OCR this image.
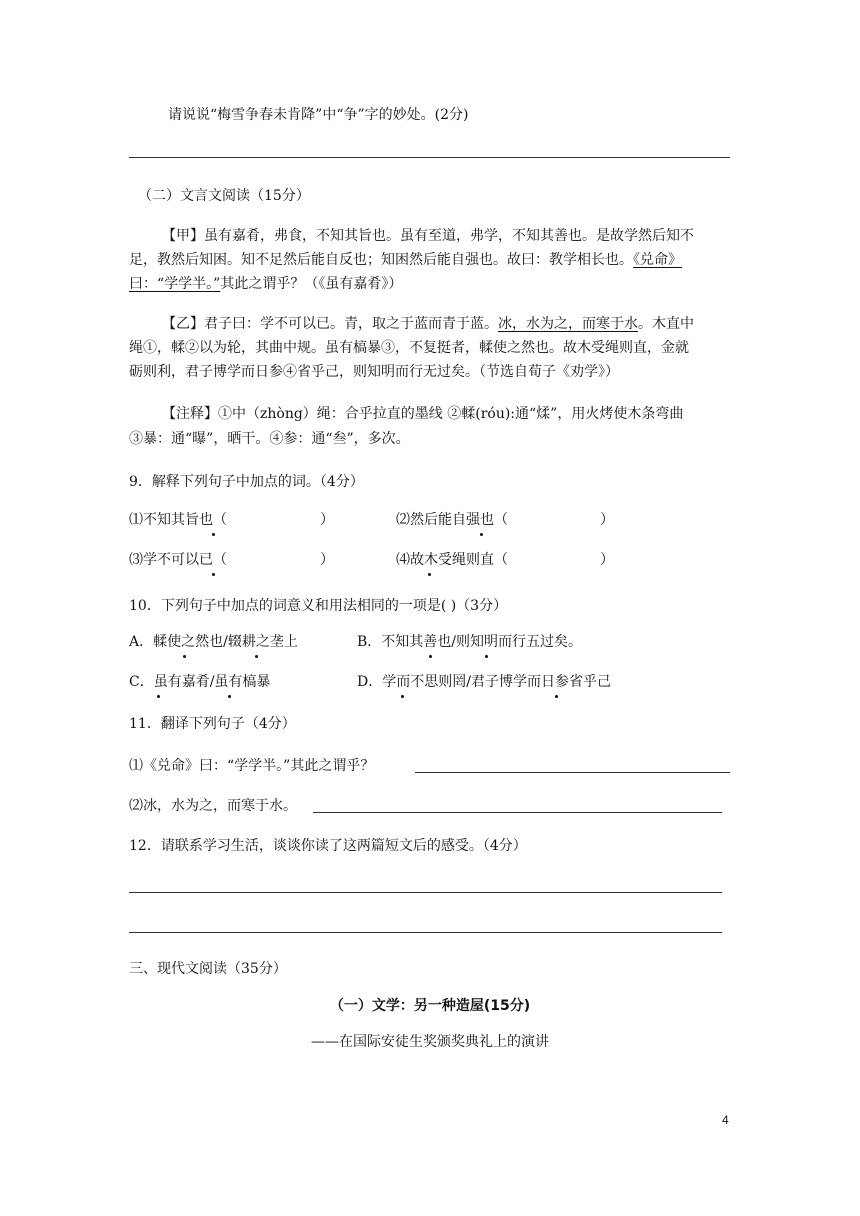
请说说“梅雪争春未肯降”中“争”字的妙处。(2分)
（二）文言文阅读（15分）
【甲】虽有嘉肴，弗食，不知其旨也。虽有至道，弗学，不知其善也。是故学然后知不
足，教然后知困。知不足然后能自反也；知困然后能自强也。故曰：教学相长也。《兑命》
曰：“学学半。”其此之谓乎？（《虽有嘉肴》）
【乙】君子曰：学不可以已。青，取之于蓝而青于蓝。冰，水为之，而寒于水。木直中
绳①，輮②以为轮，其曲中规。虽有槁暴③，不复挺者，輮使之然也。故木受绳则直，金就
砺则利，君子博学而日参④省乎己，则知明而行无过矣。（节选自荀子《劝学》）
【注释】①中（zhòng）绳：合乎拉直的墨线 ②輮(róu):通“煣”，用火烤使木条弯曲
③暴：通“曝”，晒干。④参：通“叁”，多次。
9．解释下列句子中加点的词。（4分）
⑴不知其旨也（	）	⑵然后能自强也（	）
⑶学不可以已（	）	⑷故木受绳则直（	）
10．下列句子中加点的词意义和用法相同的一项是( )（3分）
A．輮使之然也/辍耕之垄上	B．不知其善也/则知明而行五过矣。
C．虽有嘉肴/虽有槁暴	D．学而不思则罔/君子博学而日参省乎己
11．翻译下列句子（4分）
⑴《兑命》曰：“学学半。”其此之谓乎？
⑵冰，水为之，而寒于水。
12．请联系学习生活，谈谈你读了这两篇短文后的感受。（4分）
三、现代文阅读（35分）
（一）文学：另一种造屋(15分)
——在国际安徒生奖颁奖典礼上的演讲
4
